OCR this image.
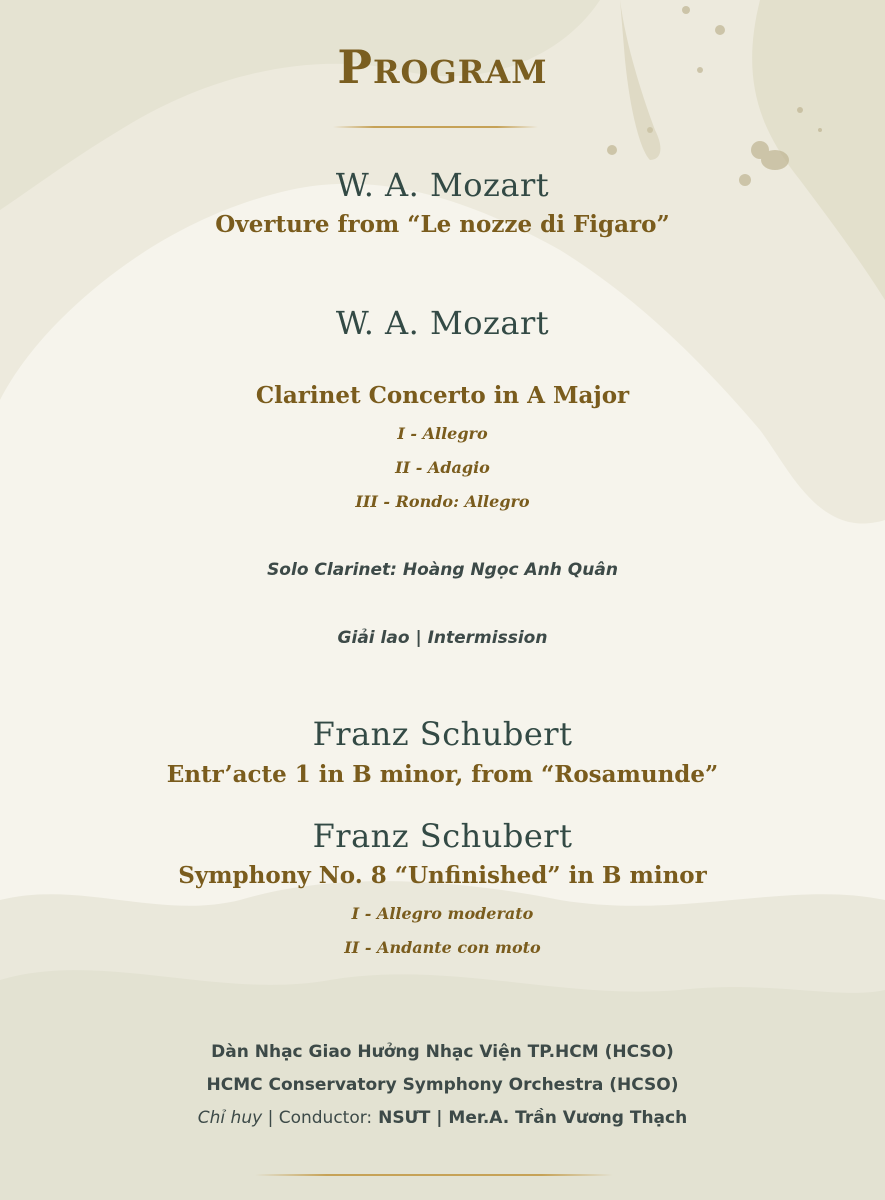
Program
W. A. Mozart
Overture from “Le nozze di Figaro”
W. A. Mozart
Clarinet Concerto in A Major
I - Allegro
II - Adagio
III - Rondo: Allegro
Solo Clarinet: Hoàng Ngọc Anh Quân
Giải lao | Intermission
Franz Schubert
Entr’acte 1 in B minor, from “Rosamunde”
Franz Schubert
Symphony No. 8 “Unfinished” in B minor
I - Allegro moderato
II - Andante con moto
Dàn Nhạc Giao Hưởng Nhạc Viện TP.HCM (HCSO)
HCMC Conservatory Symphony Orchestra (HCSO)
Chỉ huy | Conductor: NSƯT | Mer.A. Trần Vương Thạch
